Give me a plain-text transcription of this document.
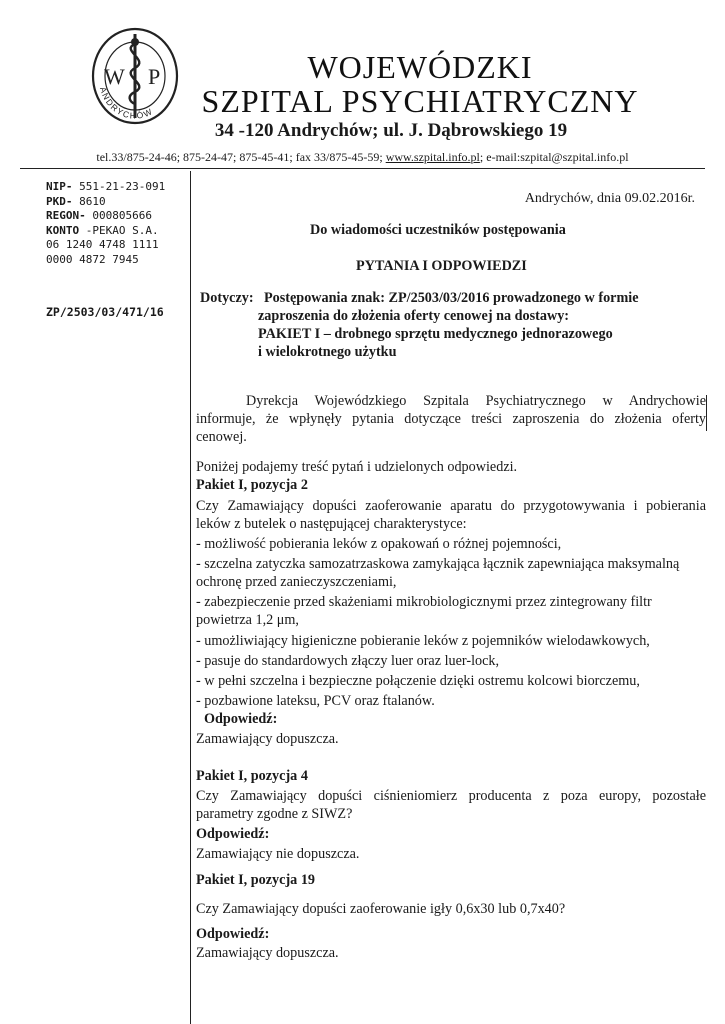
W P
ANDRYCHÓW
WOJEWÓDZKI
SZPITAL PSYCHIATRYCZNY
34 -120 Andrychów; ul. J. Dąbrowskiego 19
tel.33/875-24-46; 875-24-47; 875-45-41; fax 33/875-45-59; www.szpital.info.pl; e-mail:szpital@szpital.info.pl
NIP- 551-21-23-091
PKD- 8610
REGON- 000805666
KONTO -PEKAO S.A.
06 1240 4748 1111
0000 4872 7945
ZP/2503/03/471/16
Andrychów, dnia 09.02.2016r.
Do wiadomości uczestników postępowania
PYTANIA I ODPOWIEDZI
Dotyczy: Postępowania znak: ZP/2503/03/2016 prowadzonego w formie
zaproszenia do złożenia oferty cenowej na dostawy:
PAKIET I – drobnego sprzętu medycznego jednorazowego
i wielokrotnego użytku
Dyrekcja Wojewódzkiego Szpitala Psychiatrycznego w Andrychowie
informuje, że wpłynęły pytania dotyczące treści zaproszenia do złożenia oferty
cenowej.
Poniżej podajemy treść pytań i udzielonych odpowiedzi.
Pakiet I, pozycja 2
Czy Zamawiający dopuści zaoferowanie aparatu do przygotowywania i pobierania
leków z butelek o następującej charakterystyce:
- możliwość pobierania leków z opakowań o różnej pojemności,
- szczelna zatyczka samozatrzaskowa zamykająca łącznik zapewniająca maksymalną
ochronę przed zanieczyszczeniami,
- zabezpieczenie przed skażeniami mikrobiologicznymi przez zintegrowany filtr
powietrza 1,2 μm,
- umożliwiający higieniczne pobieranie leków z pojemników wielodawkowych,
- pasuje do standardowych złączy luer oraz luer-lock,
- w pełni szczelna i bezpieczne połączenie dzięki ostremu kolcowi biorczemu,
- pozbawione lateksu, PCV oraz ftalanów.
Odpowiedź:
Zamawiający dopuszcza.
Pakiet I, pozycja 4
Czy Zamawiający dopuści ciśnieniomierz producenta z poza europy, pozostałe
parametry zgodne z SIWZ?
Odpowiedź:
Zamawiający nie dopuszcza.
Pakiet I, pozycja 19
Czy Zamawiający dopuści zaoferowanie igły 0,6x30 lub 0,7x40?
Odpowiedź:
Zamawiający dopuszcza.
